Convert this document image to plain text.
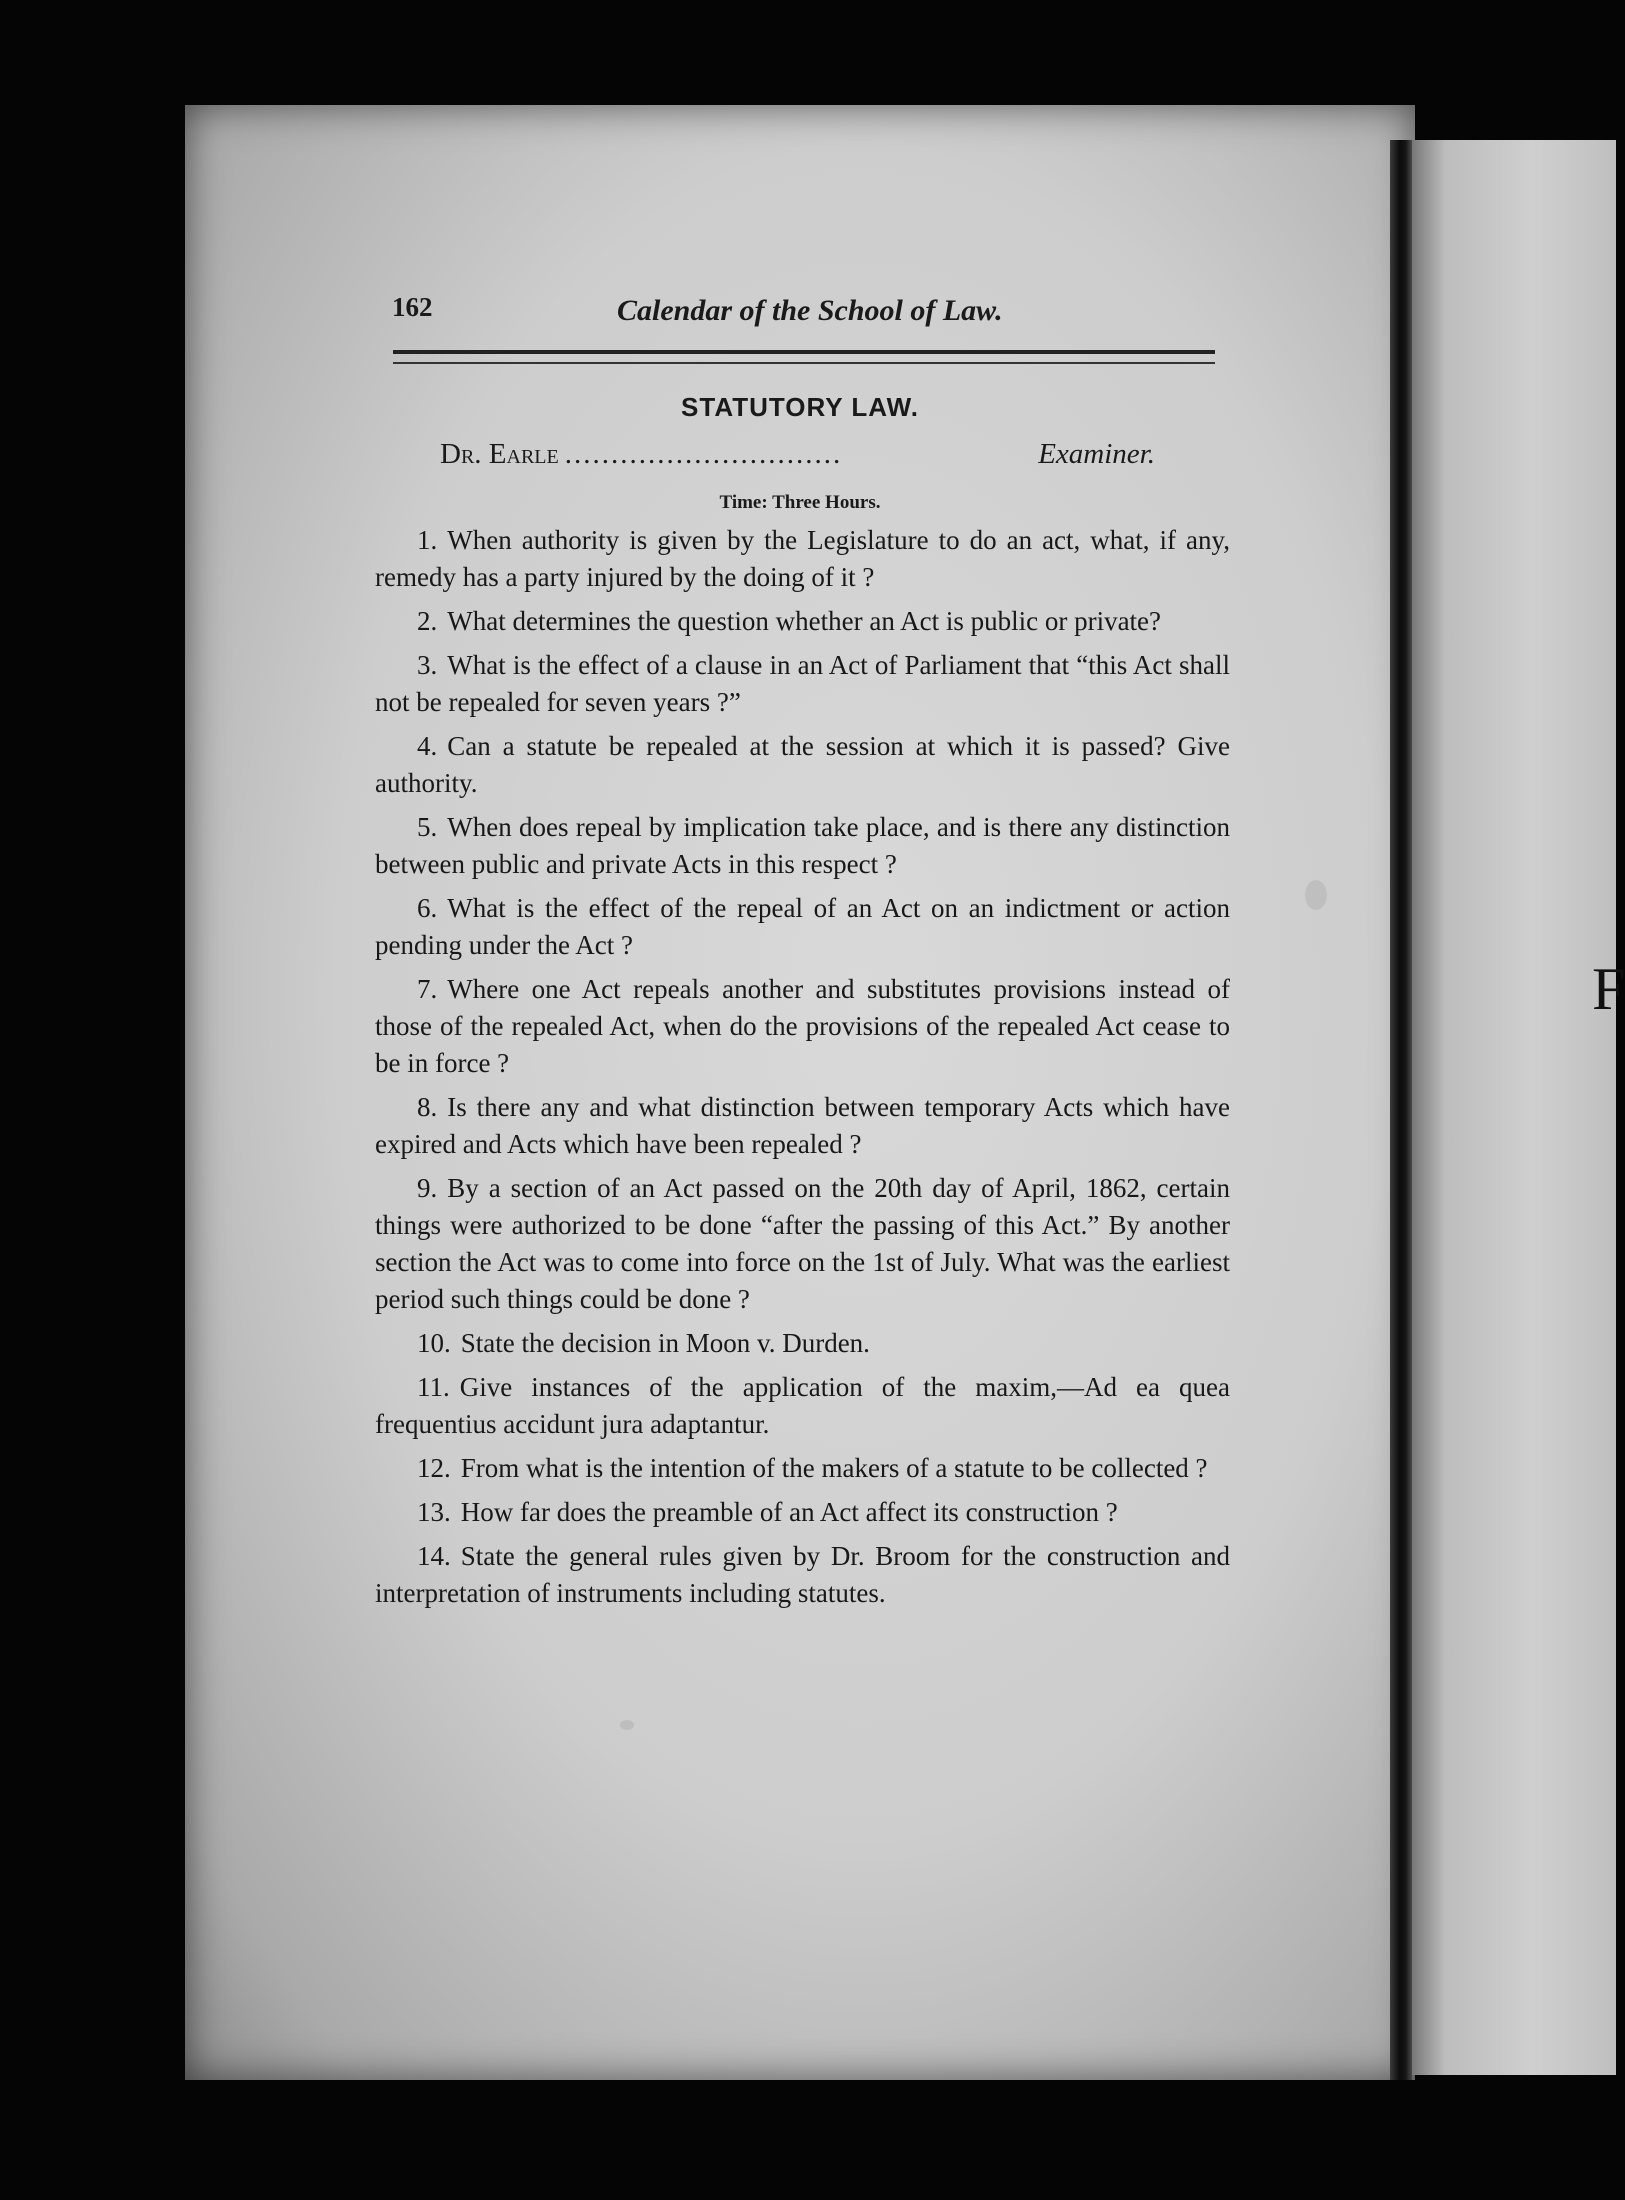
F
162	Calendar of the School of Law.
STATUTORY LAW.
Dr. Earle ..............................	Examiner.
Time: Three Hours.
1. When authority is given by the Legislature to do an act, what, if any, remedy has a party injured by the doing of it ?
2. What determines the question whether an Act is public or private?
3. What is the effect of a clause in an Act of Parliament that “this Act shall not be repealed for seven years ?”
4. Can a statute be repealed at the session at which it is passed? Give authority.
5. When does repeal by implication take place, and is there any distinction between public and private Acts in this respect ?
6. What is the effect of the repeal of an Act on an indictment or action pending under the Act ?
7. Where one Act repeals another and substitutes provisions instead of those of the repealed Act, when do the provisions of the repealed Act cease to be in force ?
8. Is there any and what distinction between temporary Acts which have expired and Acts which have been repealed ?
9. By a section of an Act passed on the 20th day of April, 1862, certain things were authorized to be done “after the passing of this Act.” By another section the Act was to come into force on the 1st of July. What was the earliest period such things could be done ?
10. State the decision in Moon v. Durden.
11. Give instances of the application of the maxim,—Ad ea quea frequentius accidunt jura adaptantur.
12. From what is the intention of the makers of a statute to be collected ?
13. How far does the preamble of an Act affect its construction ?
14. State the general rules given by Dr. Broom for the construction and interpretation of instruments including statutes.
